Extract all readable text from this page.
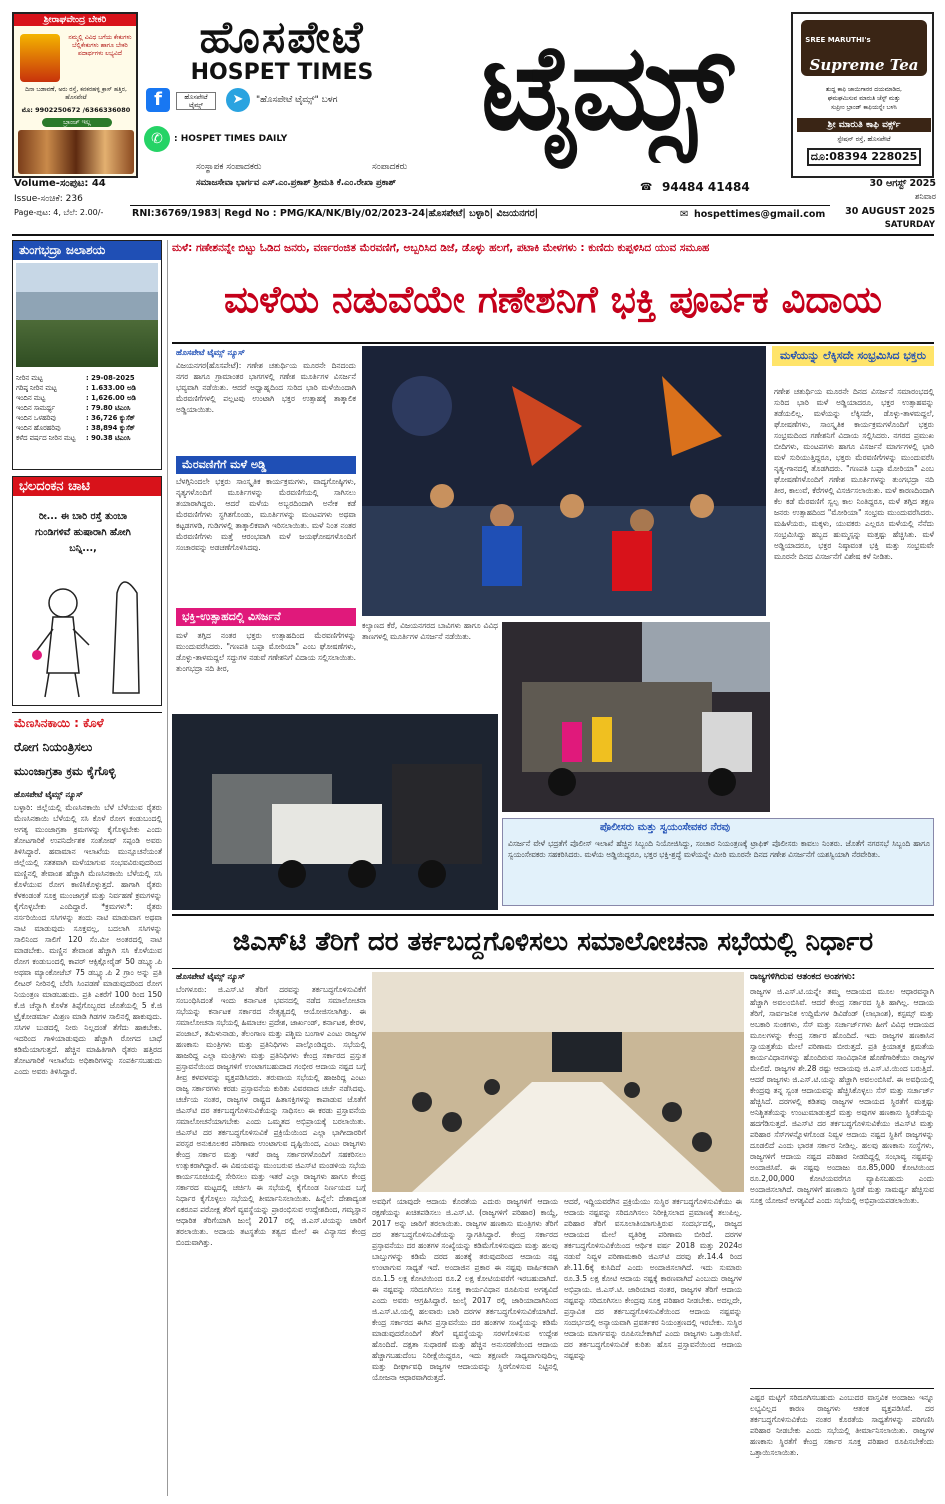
ಶ್ರೀರಾಘವೇಂದ್ರ ಬೇಕರಿ
ನಮ್ಮಲ್ಲಿ ವಿವಿಧ ಬಗೆಯ ಕೇಕುಗಳು ಬೆಲ್ಲಿಕೇಕುಗಳು ಹಾಗೂ ಬೇಕರಿ ಪದಾರ್ಥಗಳು ಲಭ್ಯವಿದೆ
ದಿನಾ ಬಡಾವಣೆ, ಅರು ರಸ್ತೆ, ಕನಕರಹಳ್ಳಿ ಕ್ರಾಸ್ ಹತ್ತಿರ, ಹೊಸಪೇಟೆ
ಮೊ: 9902250672 /6366336080
ಬ್ರಾಂಚ್ ಇಲ್ಲ
ಹೊಸಪೇಟೆ
HOSPET TIMES
f	ಹೊಸಪೇಟೆ ಟೈಮ್ಸ್	➤	"ಹೊಸಪೇಟೆ ಟೈಮ್ಸ್" ಬಳಗ
✆	: HOSPET TIMES DAILY	ಟೈಮ್ಸ್	SREE MARUTHI's
Supreme Tea
ಶುದ್ಧ ಕಾಫಿ ಜಾಯಿಗಾರರ ದಯಮಾಡಿದ,
ಘಮಘಮಿಸುವ ಮಾರುತಿ ಚೆಸ್ಟ್ ಮತ್ತು
ಸುಪ್ರೀಂ ಬ್ರಾಂಡ್ ಕಾಫಿಯನ್ನೇ ಬಳಸಿ
ಶ್ರೀ ಮಾರುತಿ ಕಾಫಿ ವರ್ಕ್ಸ್
ಸ್ಟೇಷನ್ ರಸ್ತೆ, ಹೊಸಪೇಟೆ
ದೂ:08394 228025
ಸಂಸ್ಥಾಪಕ ಸಂಪಾದಕರು	ಸಂಪಾದಕರು
ಸಮಾಜಸೇವಾ ಭಾರ್ಗವ ಎಸ್.ಎಂ.ಪ್ರಕಾಶ್ ಶ್ರೀಮತಿ ಕೆ.ಎಂ.ರೇಖಾ ಪ್ರಕಾಶ್	☎ 94484 41484
Volume-ಸಂಪುಟ: 44
Issue-ಸಂಚಿಕೆ: 236
Page-ಪುಟ: 4, ಬೆಲೆ: 2.00/-
30 ಆಗಸ್ಟ್ 2025
ಶನಿವಾರ
RNI:36769/1983| Regd No : PMG/KA/NK/Bly/02/2023-24|ಹೊಸಪೇಟೆ| ಬಳ್ಳಾರಿ| ವಿಜಯನಗರ|	✉ hospettimes@gmail.com	30 AUGUST 2025
SATURDAY
ತುಂಗಭದ್ರಾ ಜಲಾಶಯ
ನೀರಿನ ಮಟ್ಟ	: 29-08-2025
ಗರಿಷ್ಠ ನೀರಿನ ಮಟ್ಟ	: 1.633.00 ಅಡಿ
ಇಂದಿನ ಮಟ್ಟ	: 1,626.00 ಅಡಿ
ಇಂದಿನ ಸಾಮರ್ಥ್ಯ	: 79.80 ಟಿಎಂಸಿ
ಇಂದಿನ ಒಳಹರಿವು	: 36,726 ಕ್ಯುಸೆಕ್
ಇಂದಿನ ಹೊರಹರಿವು	: 38,894 ಕ್ಯುಸೆಕ್
ಕಳೆದ ವರ್ಷದ ನೀರಿನ ಮಟ್ಟ	: 90.38 ಟಿಎಂಸಿ
ಭಲದಂಕನ ಚಾಟಿ
ರೀ... ಈ ಬಾರಿ ರಸ್ತೆ ತುಂಬಾ ಗುಂಡಿಗಳಿವೆ ಹುಷಾರಾಗಿ ಹೋಗಿ ಬನ್ನಿ...,
ಮೆಣಸಿನಕಾಯಿ : ಕೊಳೆ
ರೋಗ ನಿಯಂತ್ರಿಸಲು
ಮುಂಜಾಗ್ರತಾ ಕ್ರಮ ಕೈಗೊಳ್ಳಿ
ಹೊಸಪೇಟೆ ಟೈಮ್ಸ್ ನ್ಯೂಸ್
ಬಳ್ಳಾರಿ: ಜಿಲ್ಲೆಯಲ್ಲಿ ಮೆಣಸಿನಕಾಯಿ ಬೆಳೆ ಬೆಳೆಯುವ ರೈತರು ಮೆಣಸಿನಕಾಯಿ ಬೆಳೆಯಲ್ಲಿ ಸಸಿ ಕೊಳೆ ರೋಗ ಕಂಡುಬಂದಲ್ಲಿ ಅಗತ್ಯ ಮುಂಜಾಗ್ರತಾ ಕ್ರಮಗಳನ್ನು ಕೈಗೊಳ್ಳಬೇಕು ಎಂದು ತೋಟಗಾರಿಕೆ ಉಪನಿರ್ದೇಶಕ ಸಂತೋಷ್ ಸಪ್ಪಂಡಿ ಅವರು ತಿಳಿಸಿದ್ದಾರೆ. ಹವಾಮಾನ ಇಲಾಖೆಯ ಮುನ್ಸೂಚನೆಯಂತೆ ಜಿಲ್ಲೆಯಲ್ಲಿ ಸತತವಾಗಿ ಮಳೆಯಾಗುವ ಸಂಭವವಿರುವುದರಿಂದ ಮಣ್ಣಿನಲ್ಲಿ ತೇವಾಂಶ ಹೆಚ್ಚಾಗಿ ಮೆಣಸಿನಕಾಯಿ ಬೆಳೆಯಲ್ಲಿ ಸಸಿ ಕೊಳೆಯುವ ರೋಗ ಕಾಣಿಸಿಕೊಳ್ಳುತ್ತದೆ. ಹಾಗಾಗಿ ರೈತರು ಕೆಳಕಂಡಂತೆ ಸೂಕ್ತ ಮುಂಜಾಗ್ರತೆ ಮತ್ತು ನಿರ್ವಹಣೆ ಕ್ರಮಗಳನ್ನು ಕೈಗೊಳ್ಳಬೇಕು ಎಂದಿದ್ದಾರೆ. *ಕ್ರಮಗಳು*: ರೈತರು ನರ್ಸರಿಯಿಂದ ಸಸಿಗಳನ್ನು ತಂದು ನಾಟಿ ಮಾಡುವಾಗ ಅಥವಾ ನಾಟಿ ಮಾಡುವುದು ಸೂಕ್ತವಲ್ಲ, ಬದಲಾಗಿ ಸಸಿಗಳನ್ನು ಸಾಲಿನಿಂದ ಸಾಲಿಗೆ 120 ಸೆಂ.ಮೀ ಅಂತರದಲ್ಲಿ ನಾಟಿ ಮಾಡಬೇಕು. ಮಣ್ಣಿನ ತೇವಾಂಶ ಹೆಚ್ಚಾಗಿ ಸಸಿ ಕೊಳೆಯುವ ರೋಗ ಕಂಡುಬಂದಲ್ಲಿ ಕಾಪರ್ ಆಕ್ಸಿಕ್ಲೋರೈಡ್ 50 ಡಬ್ಲ್ಯೂ.ಪಿ ಅಥವಾ ಮ್ಯಾಂಕೋಜೆಬ್ 75 ಡಬ್ಲ್ಯೂ.ಪಿ 2 ಗ್ರಾಂ ಅನ್ನು ಪ್ರತಿ ಲೀಟರ್ ನೀರಿನಲ್ಲಿ ಬೆರೆಸಿ ಸಿಂಪಡಣೆ ಮಾಡುವುದರಿಂದ ರೋಗ ನಿಯಂತ್ರಣ ಮಾಡಬಹುದು. ಪ್ರತಿ ಎಕರೆಗೆ 100 ರಿಂದ 150 ಕೆ.ಜಿ ಚೆನ್ನಾಗಿ ಕೊಳೆತ ತಿಪ್ಪೆಗೊಬ್ಬರದ ಜೊತೆಯಲ್ಲಿ 5 ಕೆ.ಜಿ ಟ್ರೈಕೋಡರ್ಮಾ ಮಿಶ್ರಣ ಮಾಡಿ ಗಿಡಗಳ ಸಾಲಿನಲ್ಲಿ ಹಾಕುವುದು. ಸಸಿಗಳ ಬುಡದಲ್ಲಿ ನೀರು ನಿಲ್ಲದಂತೆ ತೆಗೆದು ಹಾಕಬೇಕು. ಇದರಿಂದ ಗಾಳಿಯಾಡುವುದು ಹೆಚ್ಚಾಗಿ ರೋಗದ ಬಾಧೆ ಕಡಿಮೆಯಾಗುತ್ತದೆ. ಹೆಚ್ಚಿನ ಮಾಹಿತಿಗಾಗಿ ರೈತರು ಹತ್ತಿರದ ತೋಟಗಾರಿಕೆ ಇಲಾಖೆಯ ಅಧಿಕಾರಿಗಳನ್ನು ಸಂಪರ್ಕಿಸಬಹುದು ಎಂದು ಅವರು ತಿಳಿಸಿದ್ದಾರೆ.
ಮಳೆ: ಗಣೇಶನನ್ನೇ ಬಿಟ್ಟು ಓಡಿದ ಜನರು, ವರ್ಣರಂಜಿತ ಮೆರವಣಿಗೆ, ಅಬ್ಬರಿಸಿದ ಡಿಜೆ, ಡೊಳ್ಳು ಹಲಗೆ, ಪಟಾಕಿ ಮೇಳಗಳು : ಕುಣಿದು ಕುಪ್ಪಳಿಸಿದ ಯುವ ಸಮೂಹ
ಮಳೆಯ ನಡುವೆಯೇ ಗಣೇಶನಿಗೆ ಭಕ್ತಿ ಪೂರ್ವಕ ವಿದಾಯ
ಹೊಸಪೇಟೆ ಟೈಮ್ಸ್ ನ್ಯೂಸ್
ವಿಜಯನಗರ(ಹೊಸಪೇಟೆ): ಗಣೇಶ ಚತುರ್ಥಿಯ ಮೂರನೇ ದಿನದಂದು ನಗರ ಹಾಗೂ ಗ್ರಾಮಾಂತರ ಭಾಗಗಳಲ್ಲಿ ಗಣೇಶ ಮೂರ್ತಿಗಳ ವಿಸರ್ಜನೆ ಭವ್ಯವಾಗಿ ನಡೆಯಿತು. ಆದರೆ ಅಧ್ವಾಹ್ನದಿಂದ ಸುರಿದ ಭಾರಿ ಮಳೆಯಿಂದಾಗಿ ಮೆರವಣಿಗೆಗಳಲ್ಲಿ ಪಲ್ಲಟವು ಉಂಟಾಗಿ ಭಕ್ತರ ಉತ್ಸಾಹಕ್ಕೆ ತಾತ್ಕಾಲಿಕ ಅಡ್ಡಿಯಾಯಿತು.
ಮೆರವಣಿಗೆಗೆ ಮಳೆ ಅಡ್ಡಿ
ಬೆಳಗ್ಗಿನಿಂದಲೇ ಭಕ್ತರು ಸಾಂಸ್ಕೃತಿಕ ಕಾರ್ಯಕ್ರಮಗಳು, ವಾದ್ಯಗೋಷ್ಠಿಗಳು, ನೃತ್ಯಗಳೊಂದಿಗೆ ಮೂರ್ತಿಗಳನ್ನು ಮೆರವಣಿಗೆಯಲ್ಲಿ ಸಾಗಿಸಲು ತಯಾರಾಗಿದ್ದರು. ಆದರೆ ಮಳೆಯ ಅಬ್ಬರದಿಂದಾಗಿ ಅನೇಕ ಕಡೆ ಮೆರವಣಿಗೆಗಳು ಸ್ಥಗಿತಗೊಂಡು, ಮೂರ್ತಿಗಳನ್ನು ಮಂಟಪಗಳು ಅಥವಾ ಕಟ್ಟಡಗಳಡಿ, ಗುಡಿಗಳಲ್ಲಿ ತಾತ್ಕಾಲಿಕವಾಗಿ ಇರಿಸಲಾಯಿತು. ಮಳೆ ನಿಂತ ನಂತರ ಮೆರವಣಿಗೆಗಳು ಮತ್ತೆ ಆರಂಭವಾಗಿ ಮಳೆ ಜಯಘೋಷಗಳೊಂದಿಗೆ ಸಂಚಾರವನ್ನು ಅಡಚಣೆಗೊಳಿಸಿದವು.
ಭಕ್ತಿ-ಉತ್ಸಾಹದಲ್ಲಿ ವಿಸರ್ಜನೆ
ಮಳೆ ತಗ್ಗಿದ ನಂತರ ಭಕ್ತರು ಉತ್ಸಾಹದಿಂದ ಮೆರವಣಿಗೆಗಳನ್ನು ಮುಂದುವರೆಸಿದರು. "ಗಣಪತಿ ಬಪ್ಪಾ ಮೋರಿಯಾ" ಎಂಬ ಘೋಷಣೆಗಳು, ಡೊಳ್ಳು-ತಾಳಮದ್ದಲೆ ಸದ್ದುಗಳ ನಡುವೆ ಗಣೇಶನಿಗೆ ವಿದಾಯ ಸಲ್ಲಿಸಲಾಯಿತು. ತುಂಗಭದ್ರಾ ನದಿ ತೀರ,
ಕಲ್ಯಾಣದ ಕೆರೆ, ವಿಜಯನಗರದ ಬಾವಿಗಳು ಹಾಗೂ ವಿವಿಧ ತಾಣಗಳಲ್ಲಿ ಮೂರ್ತಿಗಳ ವಿಸರ್ಜನೆ ನಡೆಯಿತು.
ಮಳೆಯನ್ನು ಲೆಕ್ಕಿಸದೇ ಸಂಭ್ರಮಿಸಿದ ಭಕ್ತರು
ಗಣೇಶ ಚತುರ್ಥಿಯ ಮೂರನೇ ದಿನದ ವಿಸರ್ಜನೆ ಸಮಾರಂಭದಲ್ಲಿ ಸುರಿದ ಭಾರಿ ಮಳೆ ಅಡ್ಡಿಯಾದರೂ, ಭಕ್ತರ ಉತ್ಸಾಹವನ್ನು ತಡೆಯಲಿಲ್ಲ. ಮಳೆಯನ್ನು ಲೆಕ್ಕಿಸದೇ, ಡೊಳ್ಳು-ತಾಳಮದ್ದಲೆ, ಘೋಷಣೆಗಳು, ಸಾಂಸ್ಕೃತಿಕ ಕಾರ್ಯಕ್ರಮಗಳೊಂದಿಗೆ ಭಕ್ತರು ಸಂಭ್ರಮದಿಂದ ಗಣೇಶನಿಗೆ ವಿದಾಯ ಸಲ್ಲಿಸಿದರು. ನಗರದ ಪ್ರಮುಖ ಬೀದಿಗಳು, ಮಂಟಪಗಳು ಹಾಗೂ ವಿಸರ್ಜನೆ ಮಾರ್ಗಗಳಲ್ಲಿ ಭಾರಿ ಮಳೆ ಸುರಿಯುತ್ತಿದ್ದರೂ, ಭಕ್ತರು ಮೆರವಣಿಗೆಗಳನ್ನು ಮುಂದುವರೆಸಿ ನೃತ್ಯ-ಗಾನದಲ್ಲಿ ತೊಡಗಿದರು. "ಗಣಪತಿ ಬಪ್ಪಾ ಮೋರಿಯಾ" ಎಂಬ ಘೋಷಣೆಗಳೊಂದಿಗೆ ಗಣೇಶ ಮೂರ್ತಿಗಳನ್ನು ತುಂಗಭದ್ರಾ ನದಿ ತೀರ, ಕಾಲುವೆ, ಕೆರೆಗಳಲ್ಲಿ ವಿಸರ್ಜಿಸಲಾಯಿತು. ಮಳೆ ಕಾರಣದಿಂದಾಗಿ ಕೆಲ ಕಡೆ ಮೆರವಣಿಗೆ ಸ್ವಲ್ಪ ಕಾಲ ನಿಂತಿದ್ದರೂ, ಮಳೆ ತಗ್ಗಿದ ತಕ್ಷಣ ಜನರು ಉತ್ಸಾಹದಿಂದ "ಮೋರಿಯಾ" ಸಂಭ್ರಮ ಮುಂದುವರೆಸಿದರು. ಮಹಿಳೆಯರು, ಮಕ್ಕಳು, ಯುವಕರು ಎಲ್ಲರೂ ಮಳೆಯಲ್ಲಿ ನೆನೆದು ಸಂಭ್ರಮಿಸಿದ್ದು ಹಬ್ಬದ ಹುಮ್ಮಸ್ಸನ್ನು ಮತ್ತಷ್ಟು ಹೆಚ್ಚಿಸಿತು. ಮಳೆ ಅಡ್ಡಿಯಾದರೂ, ಭಕ್ತರ ನಿಷ್ಠಾವಂತ ಭಕ್ತಿ ಮತ್ತು ಸಂಭ್ರಮವೇ ಮೂರನೇ ದಿನದ ವಿಸರ್ಜನೆಗೆ ವಿಶೇಷ ಕಳೆ ನೀಡಿತು.
ಪೊಲೀಸರು ಮತ್ತು ಸ್ವಯಂಸೇವಕರ ನೆರವು
ವಿಸರ್ಜನೆ ವೇಳೆ ಭದ್ರತೆಗೆ ಪೊಲೀಸ್ ಇಲಾಖೆ ಹೆಚ್ಚಿನ ಸಿಬ್ಬಂದಿ ನಿಯೋಜಿಸಿದ್ದು, ಸಂಚಾರ ನಿಯಂತ್ರಣಕ್ಕೆ ಟ್ರಾಫಿಕ್ ಪೊಲೀಸರು ಕಾವಲು ನಿಂತರು. ಜೊತೆಗೆ ನಗರಸಭೆ ಸಿಬ್ಬಂದಿ ಹಾಗೂ ಸ್ವಯಂಸೇವಕರು ಸಹಕರಿಸಿದರು. ಮಳೆಯ ಅಡ್ಡಿಯಿದ್ದರೂ, ಭಕ್ತರ ಭಕ್ತಿ-ಶ್ರದ್ಧೆ ಮಳೆಯನ್ನೇ ಮೀರಿ ಮೂರನೇ ದಿನದ ಗಣೇಶ ವಿಸರ್ಜನೆಗೆ ಯಶಸ್ವಿಯಾಗಿ ನೆರವೇರಿತು.
ಜಿಎಸ್‌ಟಿ ತೆರಿಗೆ ದರ ತರ್ಕಬದ್ದಗೊಳಿಸಲು ಸಮಾಲೋಚನಾ ಸಭೆಯಲ್ಲಿ ನಿರ್ಧಾರ
ಹೊಸಪೇಟೆ ಟೈಮ್ಸ್ ನ್ಯೂಸ್
ಬೆಂಗಳೂರು: ಜಿ.ಎಸ್.ಟಿ ತೆರಿಗೆ ದರವನ್ನು ತರ್ಕಬದ್ಧಗೊಳಿಸುವಿಕೆಗೆ ಸಂಬಂಧಿಸಿದಂತೆ ಇಂದು ಕರ್ನಾಟಕ ಭವನದಲ್ಲಿ ನಡೆದ ಸಮಾಲೋಚನಾ ಸಭೆಯನ್ನು ಕರ್ನಾಟಕ ಸರ್ಕಾರದ ನೇತೃತ್ವದಲ್ಲಿ ಆಯೋಜಿಸಲಾಗಿತ್ತು. ಈ ಸಮಾಲೋಚನಾ ಸಭೆಯಲ್ಲಿ ಹಿಮಾಚಲ ಪ್ರದೇಶ, ಜಾರ್ಖಂಡ್, ಕರ್ನಾಟಕ, ಕೇರಳ, ಪಂಜಾಬ್, ತಮಿಳುನಾಡು, ತೆಲಂಗಾಣ ಮತ್ತು ಪಶ್ಚಿಮ ಬಂಗಾಳ ಎಂಟು ರಾಜ್ಯಗಳ ಹಣಕಾಸು ಮಂತ್ರಿಗಳು ಮತ್ತು ಪ್ರತಿನಿಧಿಗಳು ಪಾಲ್ಗೊಂಡಿದ್ದರು. ಸಭೆಯಲ್ಲಿ ಹಾಜರಿದ್ದ ಎಲ್ಲಾ ಮಂತ್ರಿಗಳು ಮತ್ತು ಪ್ರತಿನಿಧಿಗಳು ಕೇಂದ್ರ ಸರ್ಕಾರದ ಪ್ರಸ್ತುತ ಪ್ರಸ್ತಾವನೆಯಿಂದ ರಾಜ್ಯಗಳಿಗೆ ಉಂಟಾಗಬಹುದಾದ ಗಂಭೀರ ಆದಾಯ ನಷ್ಟದ ಬಗ್ಗೆ ತೀವ್ರ ಕಳವಳವನ್ನು ವ್ಯಕ್ತಪಡಿಸಿದರು. ತರುವಾಯ ಸಭೆಯಲ್ಲಿ ಹಾಜರಿದ್ದ ಎಂಟು ರಾಜ್ಯ ಸರ್ಕಾರಗಳು ಕರಡು ಪ್ರಸ್ತಾವನೆಯ ಕುರಿತು ವಿವರವಾದ ಚರ್ಚೆ ನಡೆಸಿದವು. ಚರ್ಚೆಯ ನಂತರ, ರಾಜ್ಯಗಳ ರಾಷ್ಟ್ರದ ಹಿತಾಸಕ್ತಿಗಳನ್ನು ಕಾಪಾಡುವ ಜೊತೆಗೆ ಜಿಎಸ್‌ಟಿ ದರ ತರ್ಕಬದ್ಧಗೊಳಿಸುವಿಕೆಯನ್ನು ಸಾಧಿಸಲು ಈ ಕರಡು ಪ್ರಸ್ತಾವನೆಯ ಸಮಾಲೋಚನೆಯಾಗಬೇಕು ಎಂದು ಒಮ್ಮತದ ಅಭಿಪ್ರಾಯಕ್ಕೆ ಬರಲಾಯಿತು. ಜಿಎಸ್‌ಟಿ ದರ ತರ್ಕಬದ್ಧಗೊಳಿಸುವಿಕೆ ಪ್ರಕ್ರಿಯೆಯಿಂದ ಎಲ್ಲಾ ಭಾಗೀದಾರರಿಗೆ ಪರಸ್ಪರ ಅನುಕೂಲಕರ ಪರಿಣಾಮ ಉಂಟಾಗುವ ದೃಷ್ಟಿಯಿಂದ, ಎಂಟು ರಾಜ್ಯಗಳು ಕೇಂದ್ರ ಸರ್ಕಾರ ಮತ್ತು ಇತರೆ ರಾಜ್ಯ ಸರ್ಕಾರಗಳೊಂದಿಗೆ ಸಹಕರಿಸಲು ಉತ್ಸುಕರಾಗಿದ್ದಾರೆ. ಈ ವಿಷಯವನ್ನು ಮುಂಬರುವ ಜಿಎಸ್‌ಟಿ ಮಂಡಳಿಯ ಸಭೆಯ ಕಾರ್ಯಸೂಚಿಯಲ್ಲಿ ಸೇರಿಸಲು ಮತ್ತು ಇತರೆ ಎಲ್ಲಾ ರಾಜ್ಯಗಳು ಹಾಗೂ ಕೇಂದ್ರ ಸರ್ಕಾರದ ಮಟ್ಟದಲ್ಲಿ ಚರ್ಚಿಸಿ ಈ ಸಭೆಯಲ್ಲಿ ಕೈಗೊಂಡ ನಿರ್ಣಯದ ಬಗ್ಗೆ ನಿರ್ಧಾರ ಕೈಗೊಳ್ಳಲು ಸಭೆಯಲ್ಲಿ ತೀರ್ಮಾನಿಸಲಾಯಿತು. ಹಿನ್ನೆಲೆ: ದೇಶಾದ್ಯಂತ ಏಕರೂಪ ಪರೋಕ್ಷ ತೆರಿಗೆ ವ್ಯವಸ್ಥೆಯನ್ನು ಪ್ರಾರಂಭಿಸುವ ಉದ್ದೇಶದಿಂದ, ಗಮ್ಯಸ್ಥಾನ ಆಧಾರಿತ ತೆರಿಗೆಯಾಗಿ ಜುಲೈ 2017 ರಲ್ಲಿ ಜಿ.ಎಸ್.ಟಿಯನ್ನು ಜಾರಿಗೆ ತರಲಾಯಿತು. ಅದಾಯ ತಟಸ್ಥತೆಯ ತತ್ವದ ಮೇಲೆ ಈ ವಿನ್ಯಾಸದ ಕೇಂದ್ರ ಬಿಂದುವಾಗಿತ್ತು.
ಅವಧಿಗೆ ಯಾವುದೇ ಆದಾಯ ಕೊರತೆಯ ಎದುರು ರಾಜ್ಯಗಳಿಗೆ ಆದಾಯ ರಕ್ಷಣೆಯನ್ನು ಖಚಿತಪಡಿಸಲು ಜಿ.ಎಸ್.ಟಿ. (ರಾಜ್ಯಗಳಿಗೆ ಪರಿಹಾರ) ಕಾಯ್ದೆ, 2017 ಅನ್ನು ಜಾರಿಗೆ ತರಲಾಯಿತು. ರಾಜ್ಯಗಳ ಹಣಕಾಸು ಮಂತ್ರಿಗಳು ತೆರಿಗೆ ದರ ತರ್ಕಬದ್ಧಗೊಳಿಸುವಿಕೆಯನ್ನು ಸ್ವಾಗತಿಸಿದ್ದಾರೆ. ಕೇಂದ್ರ ಸರ್ಕಾರದ ಪ್ರಸ್ತಾವನೆಯು ದರ ಹಂತಗಳ ಸಂಖ್ಯೆಯನ್ನು ಕಡಿಮೆಗೊಳಿಸುವುದು ಮತ್ತು ಹಲವು ಬಾಬ್ತುಗಳನ್ನು ಕಡಿಮೆ ದರದ ಹಂತಕ್ಕೆ ತರುವುದರಿಂದ ಆದಾಯ ನಷ್ಟ ಉಂಟಾಗುವ ಸಾಧ್ಯತೆ ಇದೆ. ಅಂದಾಜಿನ ಪ್ರಕಾರ ಈ ನಷ್ಟವು ವಾರ್ಷಿಕವಾಗಿ ರೂ.1.5 ಲಕ್ಷ ಕೋಟಿಯಿಂದ ರೂ.2 ಲಕ್ಷ ಕೋಟಿಯವರೆಗೆ ಇರಬಹುದಾಗಿದೆ. ಈ ನಷ್ಟವನ್ನು ಸರಿದೂಗಿಸಲು ಸೂಕ್ತ ಕಾರ್ಯವಿಧಾನ ರೂಪಿಸುವ ಅಗತ್ಯವಿದೆ ಎಂದು ಅವರು ಆಗ್ರಹಿಸಿದ್ದಾರೆ. ಜುಲೈ 2017 ರಲ್ಲಿ ಜಾರಿಯಾದಾಗಿನಿಂದ ಜಿ.ಎಸ್.ಟಿ.ಯಲ್ಲಿ ಹಲವಾರು ಬಾರಿ ದರಗಳ ತರ್ಕಬದ್ಧಗೊಳಿಸುವಿಕೆಯಾಗಿದೆ. ಕೇಂದ್ರ ಸರ್ಕಾರದ ಈಗಿನ ಪ್ರಸ್ತಾವನೆಯು ದರ ಹಂತಗಳ ಸಂಖ್ಯೆಯನ್ನು ಕಡಿಮೆ ಮಾಡುವುದರೊಂದಿಗೆ ತೆರಿಗೆ ವ್ಯವಸ್ಥೆಯನ್ನು ಸರಳಗೊಳಿಸುವ ಉದ್ದೇಶ ಹೊಂದಿದೆ. ದಕ್ಷತಾ ಸುಧಾರಣೆ ಮತ್ತು ಹೆಚ್ಚಿನ ಅನುಸರಣೆಯಿಂದ ಆದಾಯ ಹೆಚ್ಚಾಗಬಹುದೆಂಬ ನಿರೀಕ್ಷೆಯಿದ್ದರೂ, ಇದು ತಕ್ಷಣವೇ ಸಾಧ್ಯವಾಗುವುದಿಲ್ಲ ಮತ್ತು ದೀರ್ಘಾವಧಿ ರಾಜ್ಯಗಳ ಆದಾಯವನ್ನು ಸ್ಥಿರಗೊಳಿಸುವ ನಿಟ್ಟಿನಲ್ಲಿ ಯೋಜನಾ ಆಧಾರವಾಗಿರುತ್ತದೆ.
ಆದರೆ, ಇದ್ದಿಯವರೆಗಿನ ಪ್ರಕ್ರಿಯೆಯು ಸುಸ್ಥಿರ ತರ್ಕಬದ್ಧಗೊಳಿಸುವಿಕೆಯು ಈ ಆದಾಯ ನಷ್ಟವನ್ನು ಸರಿದೂಗಿಸಲು ನಿರೀಕ್ಷಿಸಲಾದ ಪ್ರಮಾಣಕ್ಕೆ ತಲುಪಿಲ್ಲ. ಪರಿಹಾರ ತೆರಿಗೆ ವಸೂಲಾತಿಯಾಗುತ್ತಿರುವ ಸಂದರ್ಭದಲ್ಲಿ, ರಾಜ್ಯದ ಆದಾಯದ ಮೇಲೆ ವ್ಯತಿರಿಕ್ತ ಪರಿಣಾಮ ಬೀರಿದೆ. ದರಗಳ ತರ್ಕಬದ್ಧಗೊಳಿಸುವಿಕೆಯಿಂದ ಆರ್ಥಿಕ ವರ್ಷ 2018 ಮತ್ತು 2024ರ ನಡುವೆ ನಿವ್ವಳ ಪರಿಣಾಮಕಾರಿ ಜಿಎಸ್‌ಟಿ ದರವು ಶೇ.14.4 ರಿಂದ ಶೇ.11.6ಕ್ಕೆ ಕುಸಿದಿದೆ ಎಂದು ಅಂದಾಜಿಸಲಾಗಿದೆ. ಇದು ಸುಮಾರು ರೂ.3.5 ಲಕ್ಷ ಕೋಟಿ ಆದಾಯ ನಷ್ಟಕ್ಕೆ ಕಾರಣವಾಗಿದೆ ಎಂಬುದು ರಾಜ್ಯಗಳ ಅಭಿಪ್ರಾಯ. ಜಿ.ಎಸ್.ಟಿ. ಜಾರಿಯಾದ ನಂತರ, ರಾಜ್ಯಗಳ ತೆರಿಗೆ ಆದಾಯ ನಷ್ಟವನ್ನು ಸರಿದೂಗಿಸಲು ಕೇಂದ್ರವು ಸೂಕ್ತ ಪರಿಹಾರ ನೀಡಬೇಕು. ಅದಲ್ಲದೇ, ಪ್ರಸ್ತಾವಿತ ದರ ತರ್ಕಬದ್ಧಗೊಳಿಸುವಿಕೆಯಿಂದ ಆದಾಯ ನಷ್ಟವನ್ನು ಸಂದರ್ಭದಲ್ಲಿ ಅನ್ಯಾಯವಾಗಿ ಪ್ರವರ್ತಕರ ನಿಯಂತ್ರಣದಲ್ಲಿ ಇರಬೇಕು. ಸುಸ್ಥಿರ ಆದಾಯ ಮಾರ್ಗವನ್ನು ರೂಪಿಸಬೇಕಾಗಿದೆ ಎಂದು ರಾಜ್ಯಗಳು ಒತ್ತಾಯಿಸಿವೆ. ದರ ತರ್ಕಬದ್ಧಗೊಳಿಸುವಿಕೆ ಕುರಿತು ಹೊಸ ಪ್ರಸ್ತಾವನೆಯಿಂದ ಆದಾಯ ನಷ್ಟವನ್ನು
ರಾಜ್ಯಗಳಿಗಿರುವ ಆತಂಕದ ಅಂಶಗಳು:
ರಾಜ್ಯಗಳ ಜಿ.ಎಸ್.ಟಿ.ಯನ್ನೇ ತಮ್ಮ ಆದಾಯದ ಮೂಲ ಆಧಾರವನ್ನಾಗಿ ಹೆಚ್ಚಾಗಿ ಅವಲಂಬಿಸಿವೆ. ಆದರೆ ಕೇಂದ್ರ ಸರ್ಕಾರದ ಸ್ಥಿತಿ ಹಾಗಿಲ್ಲ. ಆದಾಯ ತೆರಿಗೆ, ಸಾರ್ವಜನಿಕ ಉದ್ದಿಮೆಗಳ ಡಿವಿಡೆಂಡ್ (ಲಾಭಾಂಶ), ಕಸ್ಟಮ್ಸ್ ಮತ್ತು ಅಬಕಾರಿ ಸುಂಕಗಳು, ಸೆಸ್ ಮತ್ತು ಸರ್ಚಾರ್ಜ್‌ಗಳು ಹೀಗೆ ವಿವಿಧ ಆದಾಯದ ಮೂಲಗಳನ್ನು ಕೇಂದ್ರ ಸರ್ಕಾರ ಹೊಂದಿದೆ. ಇದು ರಾಜ್ಯಗಳ ಹಣಕಾಸಿನ ಸ್ವಾಯತ್ತತೆಯ ಮೇಲೆ ಪರಿಣಾಮ ಬೀರುತ್ತದೆ. ಪ್ರತಿ ಕ್ರಿಯಾತ್ಮಕ ಕ್ಷಮತೆಯ ಕಾರ್ಯವಿಧಾನಗಳನ್ನು ಹೊಂದಿರುವ ಸಾಂವಿಧಾನಿಕ ಹೊಣೆಗಾರಿಕೆಯು ರಾಜ್ಯಗಳ ಮೇಲಿದೆ. ರಾಜ್ಯಗಳ ಶೇ.28 ರಷ್ಟು ಆದಾಯವು ಜಿ.ಎಸ್.ಟಿ.ಯಿಂದ ಬರುತ್ತಿದೆ. ಆದರೆ ರಾಜ್ಯಗಳು ಜಿ.ಎಸ್.ಟಿ.ಯನ್ನು ಹೆಚ್ಚಾಗಿ ಅವಲಂಬಿಸಿವೆ. ಈ ಅವಧಿಯಲ್ಲಿ ಕೇಂದ್ರವು ತನ್ನ ಸ್ವಂತ ಆದಾಯವನ್ನು ಹೆಚ್ಚಿಸಿಕೊಳ್ಳಲು ಸೆಸ್ ಮತ್ತು ಸರ್ಚಾರ್ಜ್ ಹೆಚ್ಚಿಸಿದೆ. ದರಗಳಲ್ಲಿ ಕಡಿತವು ರಾಜ್ಯಗಳ ಆದಾಯದ ಸ್ಥಿರತೆಗೆ ಮತ್ತಷ್ಟು ಅನಿಶ್ಚಿತತೆಯನ್ನು ಉಂಟುಮಾಡುತ್ತದೆ ಮತ್ತು ಅವುಗಳ ಹಣಕಾಸು ಸ್ಥಿರತೆಯನ್ನು ಹದಗೆಡಿಸುತ್ತದೆ. ಜಿಎಸ್‌ಟಿ ದರ ತರ್ಕಬದ್ಧಗೊಳಿಸುವಿಕೆಯು ಜಿಎಸ್‌ಟಿ ಮತ್ತು ಪರಿಹಾರ ಸೆಸ್‌ಗಳನ್ನೊಳಗೊಂಡ ನಿವ್ವಳ ಆದಾಯ ನಷ್ಟದ ಸ್ಥಿತಿಗೆ ರಾಜ್ಯಗಳನ್ನು ದೂಡಲಿದೆ ಎಂದು ಭಾರತ ಸರ್ಕಾರ ನೀಡಿಲ್ಲ. ಹಲವು ಹಣಕಾಸು ಸಂಸ್ಥೆಗಳು, ರಾಜ್ಯಗಳಿಗೆ ಆದಾಯ ನಷ್ಟದ ಪರಿಹಾರ ನೀಡದಿದ್ದಲ್ಲಿ ಸಂಭಾವ್ಯ ನಷ್ಟವನ್ನು ಅಂದಾಜಿಸಿವೆ. ಈ ನಷ್ಟವು ಅಂದಾಜು ರೂ.85,000 ಕೋಟಿಯಿಂದ ರೂ.2,00,000 ಕೋಟಿಯವರೆಗೂ ವ್ಯಾಪಿಸಬಹುದು ಎಂದು ಅಂದಾಜಿಸಲಾಗಿದೆ. ರಾಜ್ಯಗಳಿಗೆ ಹಣಕಾಸು ಸ್ಥಿರತೆ ಮತ್ತು ಸಾಮರ್ಥ್ಯ ಹೆಚ್ಚಿಸುವ ಸೂಕ್ತ ಯೋಜನೆ ಅಗತ್ಯವಿದೆ ಎಂದು ಸಭೆಯಲ್ಲಿ ಅಭಿಪ್ರಾಯಪಡಲಾಯಿತು.
ಎಷ್ಟರ ಮಟ್ಟಿಗೆ ಸರಿದೂಗಿಸಬಹುದು ಎಂಬುದರ ವಾಸ್ತವಿಕ ಅಂದಾಜು ಇನ್ನೂ ಲಭ್ಯವಿಲ್ಲದ ಕಾರಣ ರಾಜ್ಯಗಳು ಆತಂಕ ವ್ಯಕ್ತಪಡಿಸಿವೆ. ದರ ತರ್ಕಬದ್ಧಗೊಳಿಸುವಿಕೆಯ ನಂತರ ಕೊರತೆಯ ಸಾಧ್ಯತೆಗಳನ್ನು ಪರಿಗಣಿಸಿ ಪರಿಹಾರ ನೀಡಬೇಕು ಎಂದು ಸಭೆಯಲ್ಲಿ ತೀರ್ಮಾನಿಸಲಾಯಿತು. ರಾಜ್ಯಗಳ ಹಣಕಾಸು ಸ್ಥಿರತೆಗೆ ಕೇಂದ್ರ ಸರ್ಕಾರ ಸೂಕ್ತ ಪರಿಹಾರ ರೂಪಿಸಬೇಕೆಂದು ಒತ್ತಾಯಿಸಲಾಯಿತು.
